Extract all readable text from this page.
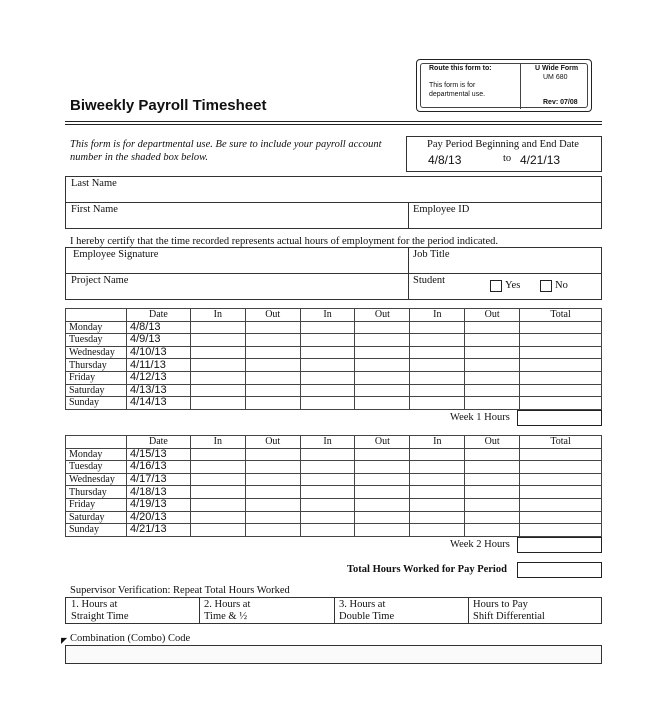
Route this form to:
This form is for
departmental use.
U Wide Form
UM 680
Rev: 07/08
Biweekly Payroll Timesheet
This form is for departmental use. Be sure to include your payroll account number in the shaded box below.
Pay Period Beginning and End Date
4/8/13	to 4/21/13
Last Name
First Name	Employee ID
I hereby certify that the time recorded represents actual hours of employment for the period indicated.
Employee Signature	Job Title
Project Name	Student	Yes	No
	Date	In	Out	In	Out	In	Out	Total
Monday	4/8/13							
Tuesday	4/9/13							
Wednesday	4/10/13							
Thursday	4/11/13							
Friday	4/12/13							
Saturday	4/13/13							
Sunday	4/14/13							
Week 1 Hours
	Date	In	Out	In	Out	In	Out	Total
Monday	4/15/13							
Tuesday	4/16/13							
Wednesday	4/17/13							
Thursday	4/18/13							
Friday	4/19/13							
Saturday	4/20/13							
Sunday	4/21/13							
Week 2 Hours
Total Hours Worked for Pay Period
Supervisor Verification: Repeat Total Hours Worked
1. Hours at
Straight Time
2. Hours at
Time & ½
3. Hours at
Double Time
Hours to Pay
Shift Differential
◤ Combination (Combo) Code
